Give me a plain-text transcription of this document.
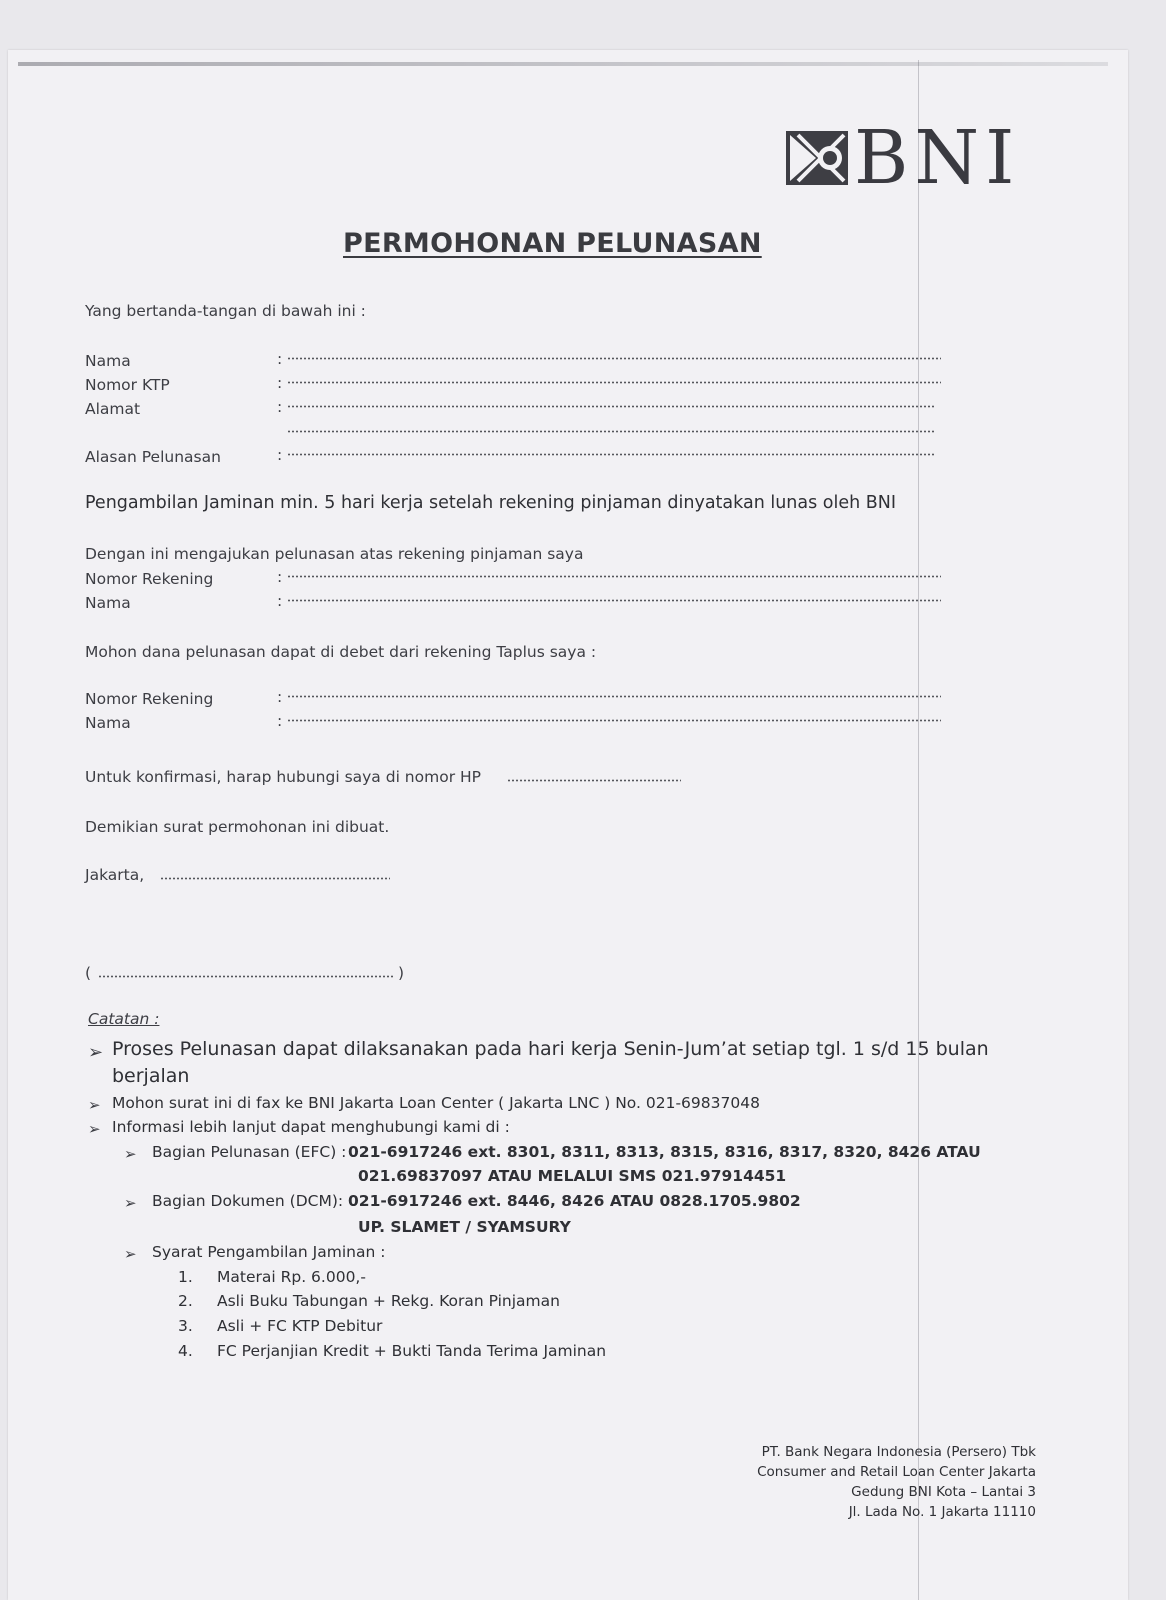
BNI
PERMOHONAN PELUNASAN
Yang bertanda-tangan di bawah ini :
Nama	:
Nomor KTP	:
Alamat	:
Alasan Pelunasan	:
Pengambilan Jaminan min. 5 hari kerja setelah rekening pinjaman dinyatakan lunas oleh BNI
Dengan ini mengajukan pelunasan atas rekening pinjaman saya
Nomor Rekening	:
Nama	:
Mohon dana pelunasan dapat di debet dari rekening Taplus saya :
Nomor Rekening	:
Nama	:
Untuk konfirmasi, harap hubungi saya di nomor HP
Demikian surat permohonan ini dibuat.
Jakarta,
(	)
Catatan :
➢ Proses Pelunasan dapat dilaksanakan pada hari kerja Senin-Jum’at setiap tgl. 1 s/d 15 bulan
berjalan
➢ Mohon surat ini di fax ke BNI Jakarta Loan Center ( Jakarta LNC ) No. 021-69837048
➢ Informasi lebih lanjut dapat menghubungi kami di :
➢ Bagian Pelunasan (EFC) : 021-6917246 ext. 8301, 8311, 8313, 8315, 8316, 8317, 8320, 8426 ATAU
021.69837097 ATAU MELALUI SMS 021.97914451
➢ Bagian Dokumen (DCM): 021-6917246 ext. 8446, 8426 ATAU 0828.1705.9802
UP. SLAMET / SYAMSURY
➢ Syarat Pengambilan Jaminan :
1. Materai Rp. 6.000,-
2. Asli Buku Tabungan + Rekg. Koran Pinjaman
3. Asli + FC KTP Debitur
4. FC Perjanjian Kredit + Bukti Tanda Terima Jaminan
PT. Bank Negara Indonesia (Persero) Tbk
Consumer and Retail Loan Center Jakarta
Gedung BNI Kota – Lantai 3
Jl. Lada No. 1 Jakarta 11110
